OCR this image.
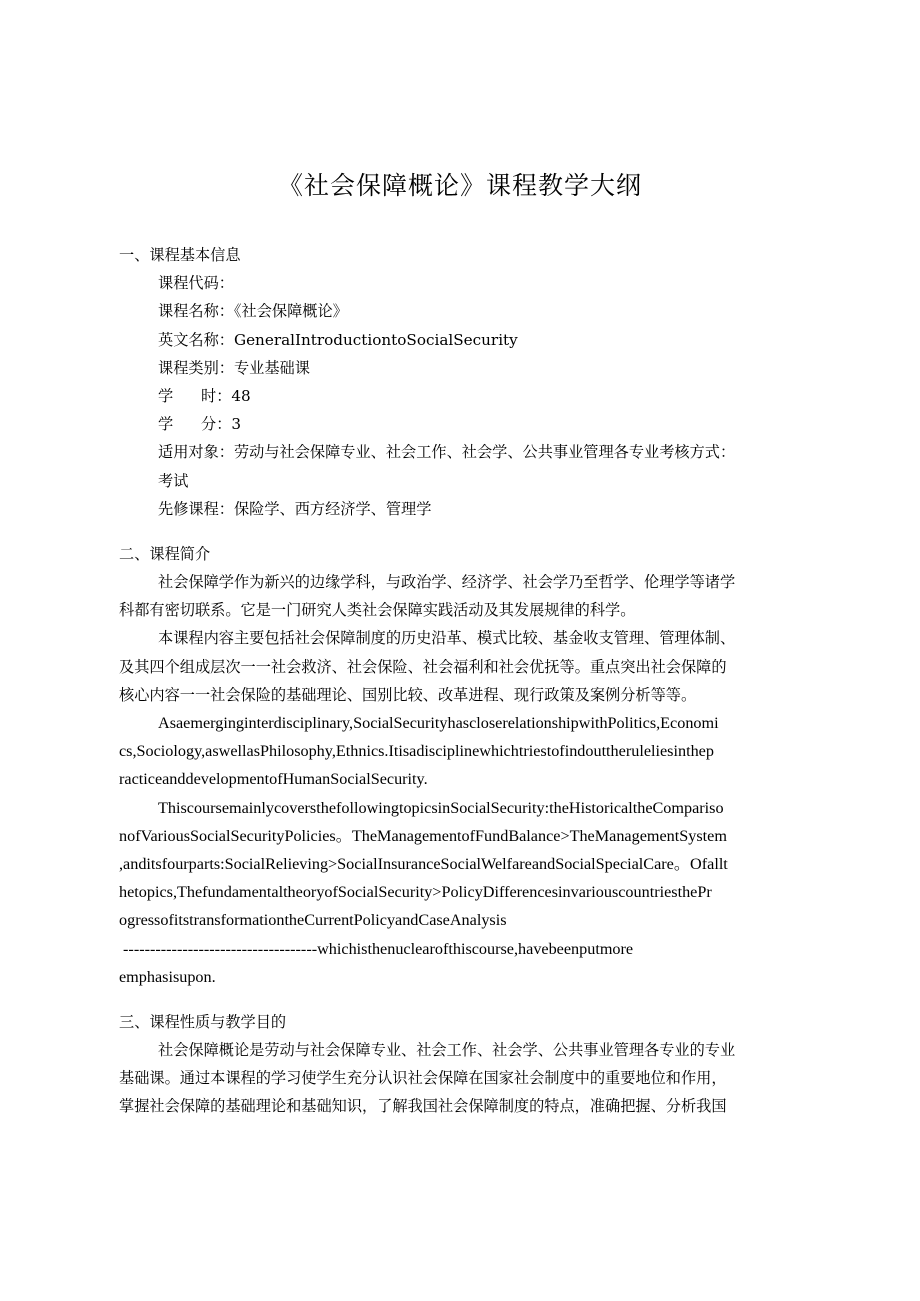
《社会保障概论》课程教学大纲
一、课程基本信息
课程代码：
课程名称：《社会保障概论》
英文名称：GeneralIntroductiontoSocialSecurity
课程类别：专业基础课
学 时：48
学 分：3
适用对象：劳动与社会保障专业、社会工作、社会学、公共事业管理各专业考核方式：
考试
先修课程：保险学、西方经济学、管理学
二、课程简介
社会保障学作为新兴的边缘学科，与政治学、经济学、社会学乃至哲学、伦理学等诸学
科都有密切联系。它是一门研究人类社会保障实践活动及其发展规律的科学。
本课程内容主要包括社会保障制度的历史沿革、模式比较、基金收支管理、管理体制、
及其四个组成层次一一社会救济、社会保险、社会福利和社会优抚等。重点突出社会保障的
核心内容一一社会保险的基础理论、国别比较、改革进程、现行政策及案例分析等等。
Asaemerginginterdisciplinary,SocialSecurityhascloserelationshipwithPolitics,Economi
cs,Sociology,aswellasPhilosophy,Ethnics.Itisadisciplinewhichtriestofindouttheruleliesinthep
racticeanddevelopmentofHumanSocialSecurity.
ThiscoursemainlycoversthefollowingtopicsinSocialSecurity:theHistoricaltheCompariso
nofVariousSocialSecurityPolicies。TheManagementofFundBalance>TheManagementSystem
,anditsfourparts:SocialRelieving>SocialInsuranceSocialWelfareandSocialSpecialCare。Ofallt
hetopics,ThefundamentaltheoryofSocialSecurity>PolicyDifferencesinvariouscountriesthePr
ogressofitstransformationtheCurrentPolicyandCaseAnalysis
------------------------------------whichisthenuclearofthiscourse,havebeenputmore
emphasisupon.
三、课程性质与教学目的
社会保障概论是劳动与社会保障专业、社会工作、社会学、公共事业管理各专业的专业
基础课。通过本课程的学习使学生充分认识社会保障在国家社会制度中的重要地位和作用，
掌握社会保障的基础理论和基础知识，了解我国社会保障制度的特点，准确把握、分析我国
